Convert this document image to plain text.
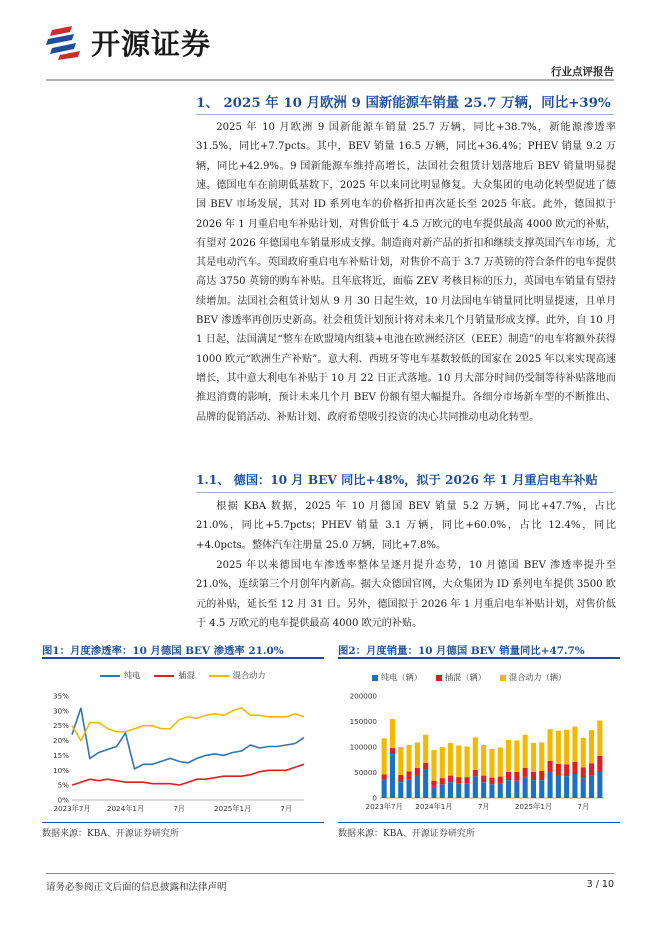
开源证券
行业点评报告
1、 2025 年 10 月欧洲 9 国新能源车销量 25.7 万辆，同比+39%

2025 年 10 月欧洲 9 国新能源车销量 25.7 万辆，同比+38.7%，新能源渗透率 31.5%，同比+7.7pcts。其中，BEV 销量 16.5 万辆，同比+36.4%；PHEV 销量 9.2 万辆，同比+42.9%。9 国新能源车维持高增长，法国社会租赁计划落地后 BEV 销量明显提速。 德国电车在前期低基数下，2025 年以来同比明显修复。大众集团的电动化转型促进了德国 BEV 市场发展，其对 ID 系列电车的价格折扣再次延长至 2025 年底。此外，德国拟于 2026 年 1 月重启电车补贴计划，对售价低于 4.5 万欧元的电车提供最高 4000 欧元的补贴，有望对 2026 年德国电车销量形成支撑。制造商对新产品的折扣和继续支撑英国汽车市场，尤其是电动汽车。英国政府重启电车补贴计划，对售价不高于 3.7 万英镑的符合条件的电车提供高达 3750 英镑的购车补贴。且年底将近，面临 ZEV 考核目标的压力，英国电车销量有望持续增加。法国社会租赁计划从 9 月 30 日起生效，10 月法国电车销量同比明显提速，且单月 BEV 渗透率再创历史新高。社会租赁计划预计将对未来几个月销量形成支撑。此外，自 10 月 1 日起，法国满足“整车在欧盟境内组装+电池在欧洲经济区（EEE）制造”的电车将额外获得 1000 欧元“欧洲生产补贴”。意大利、西班牙等电车基数较低的国家在 2025 年以来实现高速增长，其中意大利电车补贴于 10 月 22 日正式落地。10 月大部分时间仍受制等待补贴落地而推迟消费的影响，预计未来几个月 BEV 份额有望大幅提升。各细分市场新车型的不断推出、品牌的促销活动、补贴计划、政府希望吸引投资的决心共同推动电动化转型。

1.1、 德国：10 月 BEV 同比+48%，拟于 2026 年 1 月重启电车补贴

根据 KBA 数据，2025 年 10 月德国 BEV 销量 5.2 万辆，同比+47.7%，占比 21.0%，同比+5.7pcts；PHEV 销量 3.1 万辆，同比+60.0%，占比 12.4%，同比+4.0pcts。整体汽车注册量 25.0 万辆，同比+7.8%。

2025 年以来德国电车渗透率整体呈逐月提升态势，10 月德国 BEV 渗透率提升至 21.0%，连续第三个月创年内新高。据大众德国官网，大众集团为 ID 系列电车提供 3500 欧元的补贴，延长至 12 月 31 日。另外，德国拟于 2026 年 1 月重启电车补贴计划，对售价低于 4.5 万欧元的电车提供最高 4000 欧元的补贴。

图1：月度渗透率：10 月德国 BEV 渗透率 21.0%
纯电	插混	混合动力
0%
5%
10%
15%
20%
25%
30%
35%
2023年7月 2024年1月	7月	2025年1月	7月
数据来源：KBA、开源证券研究所
图2：月度销量：10 月德国 BEV 销量同比+47.7%
纯电（辆）	插混（辆）	混合动力（辆）
0
50000
100000
150000
200000
2023年7月 2024年1月	7月	2025年1月	7月
数据来源：KBA、开源证券研究所
请务必参阅正文后面的信息披露和法律声明	3 / 10
